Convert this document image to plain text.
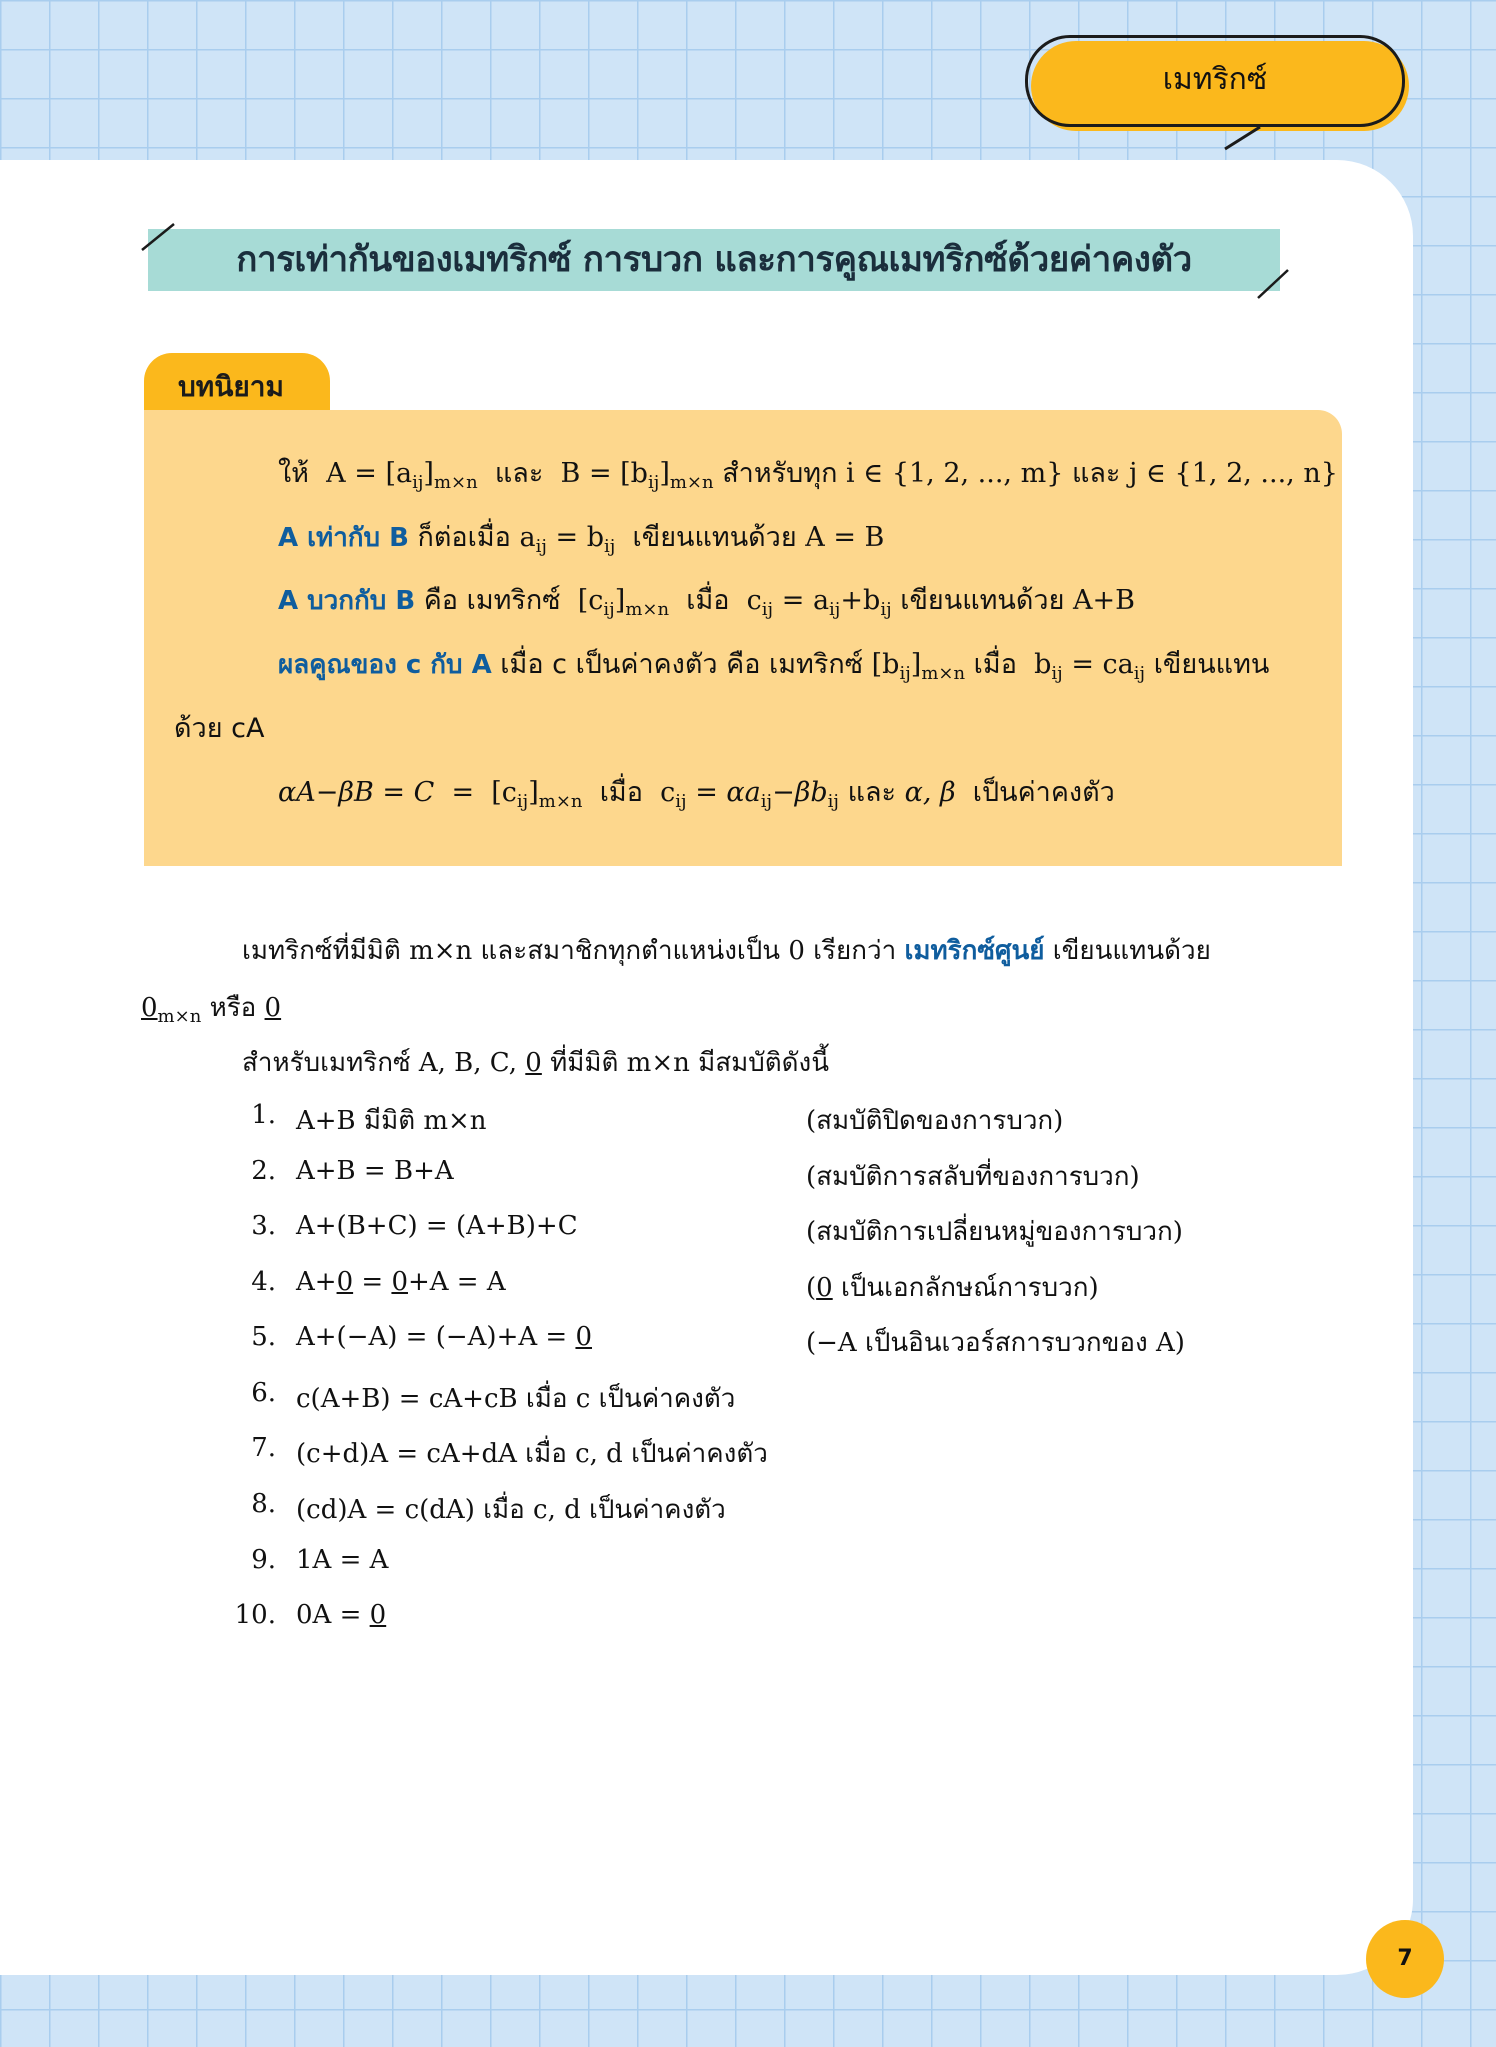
เมทริกซ์
การเท่ากันของเมทริกซ์ การบวก และการคูณเมทริกซ์ด้วยค่าคงตัว
บทนิยาม
ให้ $A = [a_{ij}]_{m\times n}$ และ $B = [b_{ij}]_{m\times n}$ สำหรับทุก i ∈ {1, 2, ..., m} และ j ∈ {1, 2, ..., n}
A เท่ากับ B ก็ต่อเมื่อ $a_{ij} = b_{ij}$ เขียนแทนด้วย A = B
A บวกกับ B คือ เมทริกซ์ $[c_{ij}]_{m\times n}$ เมื่อ $c_{ij} = a_{ij}+b_{ij}$ เขียนแทนด้วย A+B
ผลคูณของ c กับ A เมื่อ c เป็นค่าคงตัว คือ เมทริกซ์ $[b_{ij}]_{m\times n}$ เมื่อ $b_{ij} = ca_{ij}$ เขียนแทน
ด้วย cA
$\alpha A-\beta B = C = [c_{ij}]_{m\times n}$ เมื่อ $c_{ij} = \alpha a_{ij}-\beta b_{ij}$ และ α, β เป็นค่าคงตัว
เมทริกซ์ที่มีมิติ m×n และสมาชิกทุกตำแหน่งเป็น 0 เรียกว่า เมทริกซ์ศูนย์ เขียนแทนด้วย
$0_{m\times n}$ หรือ 0
สำหรับเมทริกซ์ A, B, C, 0 ที่มีมิติ m×n มีสมบัติดังนี้
1. A+B มีมิติ m×n	(สมบัติปิดของการบวก)
2. A+B = B+A	(สมบัติการสลับที่ของการบวก)
3. A+(B+C) = (A+B)+C	(สมบัติการเปลี่ยนหมู่ของการบวก)
4. A+0 = 0+A = A	(0 เป็นเอกลักษณ์การบวก)
5. A+(−A) = (−A)+A = 0	(−A เป็นอินเวอร์สการบวกของ A)
6. c(A+B) = cA+cB เมื่อ c เป็นค่าคงตัว
7. (c+d)A = cA+dA เมื่อ c, d เป็นค่าคงตัว
8. (cd)A = c(dA) เมื่อ c, d เป็นค่าคงตัว
9. 1A = A
10. 0A = 0
7
